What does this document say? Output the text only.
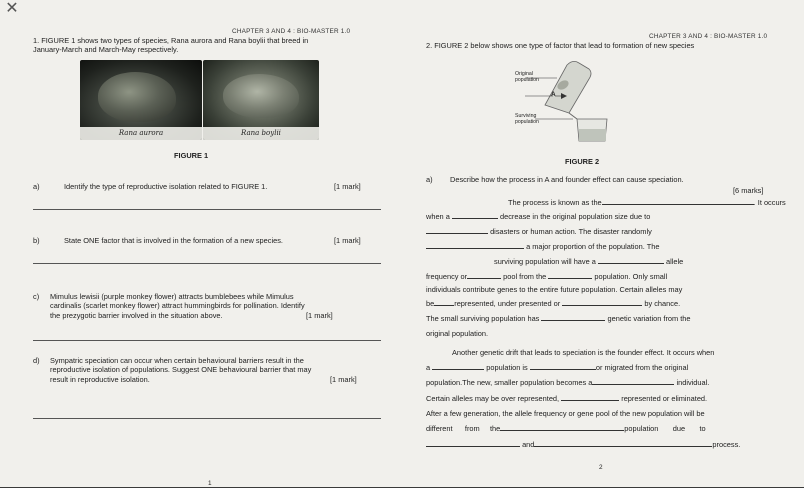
✕
CHAPTER 3 AND 4 : BIO-MASTER 1.0
1. FIGURE 1 shows two types of species, Rana aurora and Rana boylii that breed in
January-March and March-May respectively.
Rana aurora	Rana boylii
FIGURE 1
a)	Identify the type of reproductive isolation related to FIGURE 1.	[1 mark]
b)	State ONE factor that is involved in the formation of a new species.	[1 mark]
c) Mimulus lewisii (purple monkey flower) attracts bumblebees while Mimulus
cardinalis (scarlet monkey flower) attract hummingbirds for pollination. Identify
the prezygotic barrier involved in the situation above.	[1 mark]
d) Sympatric speciation can occur when certain behavioural barriers result in the
reproductive isolation of populations. Suggest ONE behavioural barrier that may
result in reproductive isolation.	[1 mark]
1
CHAPTER 3 AND 4 : BIO-MASTER 1.0
2. FIGURE 2 below shows one type of factor that lead to formation of new species
Original
population
A
Surviving
population
FIGURE 2
a) Describe how the process in A and founder effect can cause speciation.
[6 marks]
The process is known as the	. It occurs
when a	decrease in the original population size due to
disasters or human action. The disaster randomly
a major proportion of the population. The
surviving population will have a	allele
frequency or	pool from the	population. Only small
individuals contribute genes to the entire future population. Certain alleles may
be	represented, under presented or	by chance.
The small surviving population has	genetic variation from the
original population.
Another genetic drift that leads to speciation is the founder effect. It occurs when
a	population is	or migrated from the original
population.The new, smaller population becomes a	individual.
Certain alleles may be over represented,	represented or eliminated.
After a few generation, the allele frequency or gene pool of the new population will be
different from the	population due to
and	process.
2
